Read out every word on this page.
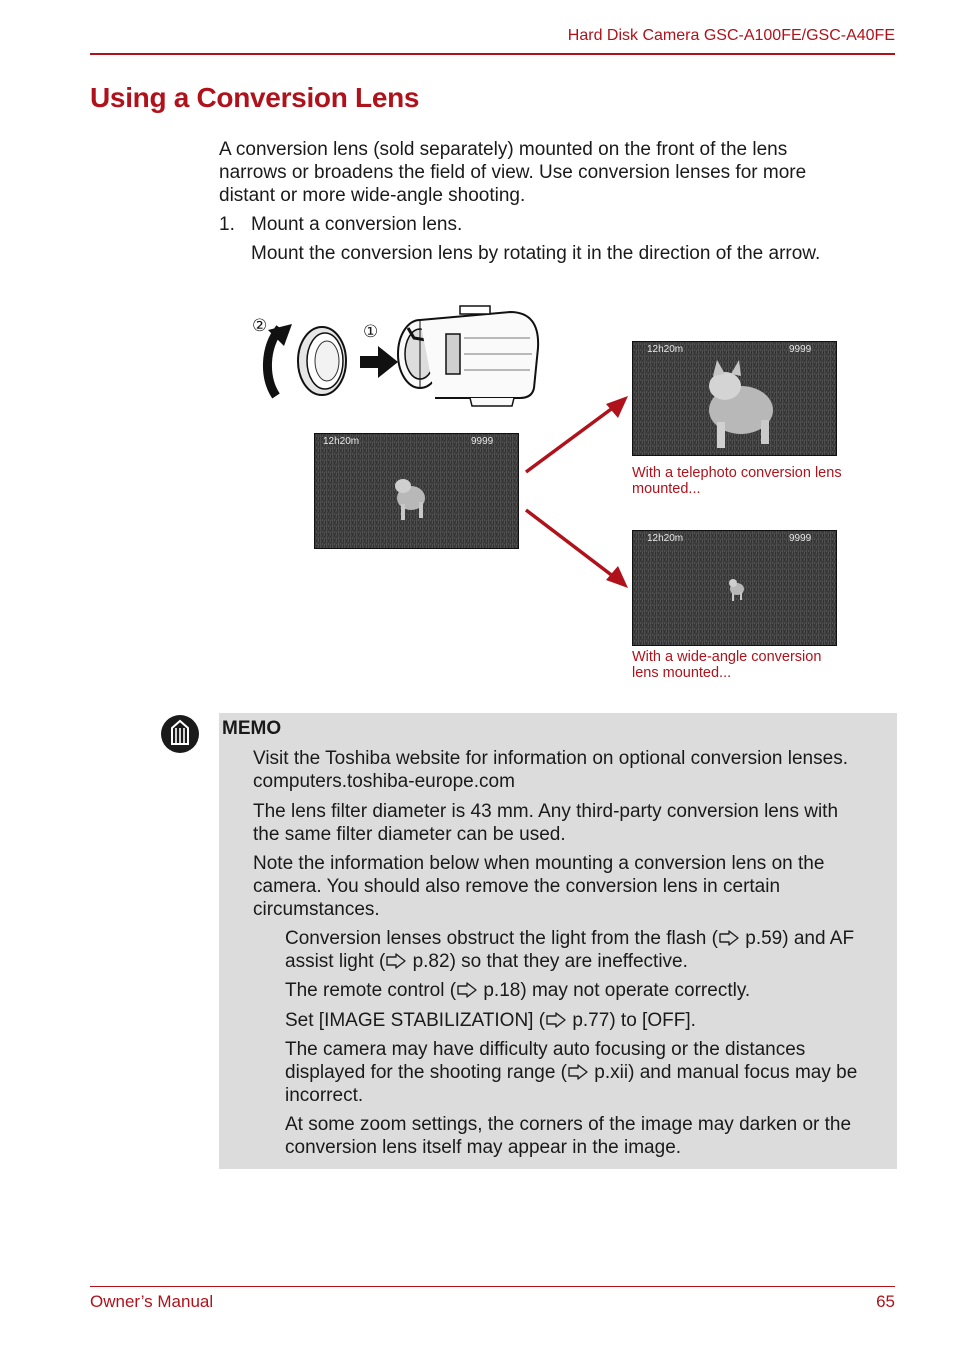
Hard Disk Camera GSC-A100FE/GSC-A40FE
Using a Conversion Lens
A conversion lens (sold separately) mounted on the front of the lens
narrows or broadens the field of view. Use conversion lenses for more
distant or more wide-angle shooting.
1. Mount a conversion lens.
Mount the conversion lens by rotating it in the direction of the arrow.
②	①
12h20m	9999
12h20m	9999
With a telephoto conversion lens
mounted...
12h20m	9999
With a wide-angle conversion
lens mounted...
MEMO
Visit the Toshiba website for information on optional conversion lenses.
computers.toshiba-europe.com
The lens filter diameter is 43 mm. Any third-party conversion lens with
the same filter diameter can be used.
Note the information below when mounting a conversion lens on the
camera. You should also remove the conversion lens in certain
circumstances.
Conversion lenses obstruct the light from the flash ( p.59) and AF
assist light ( p.82) so that they are ineffective.
The remote control ( p.18) may not operate correctly.
Set [IMAGE STABILIZATION] ( p.77) to [OFF].
The camera may have difficulty auto focusing or the distances
displayed for the shooting range ( p.xii) and manual focus may be
incorrect.
At some zoom settings, the corners of the image may darken or the
conversion lens itself may appear in the image.
Owner’s Manual	65
